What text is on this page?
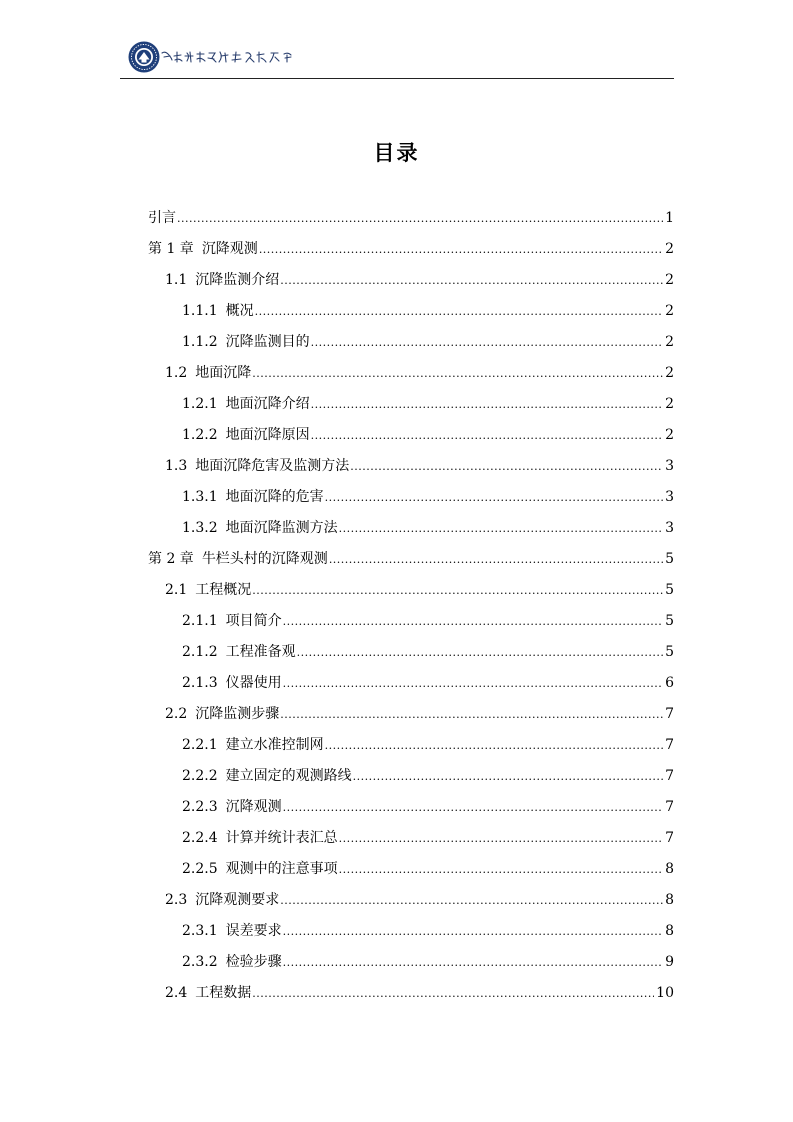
目录
引言 .....	1
第 1 章 沉降观测 .....	2
1.1 沉降监测介绍 .....	2
1.1.1 概况 .....	2
1.1.2 沉降监测目的 .....	2
1.2 地面沉降 .....	2
1.2.1 地面沉降介绍 .....	2
1.2.2 地面沉降原因 .....	2
1.3 地面沉降危害及监测方法 .....	3
1.3.1 地面沉降的危害 .....	3
1.3.2 地面沉降监测方法 .....	3
第 2 章 牛栏头村的沉降观测 .....	5
2.1 工程概况 .....	5
2.1.1 项目简介 .....	5
2.1.2 工程准备观 .....	5
2.1.3 仪器使用 .....	6
2.2 沉降监测步骤 .....	7
2.2.1 建立水准控制网 .....	7
2.2.2 建立固定的观测路线 .....	7
2.2.3 沉降观测 .....	7
2.2.4 计算并统计表汇总 .....	7
2.2.5 观测中的注意事项 .....	8
2.3 沉降观测要求 .....	8
2.3.1 误差要求 .....	8
2.3.2 检验步骤 .....	9
2.4 工程数据 .....	10
